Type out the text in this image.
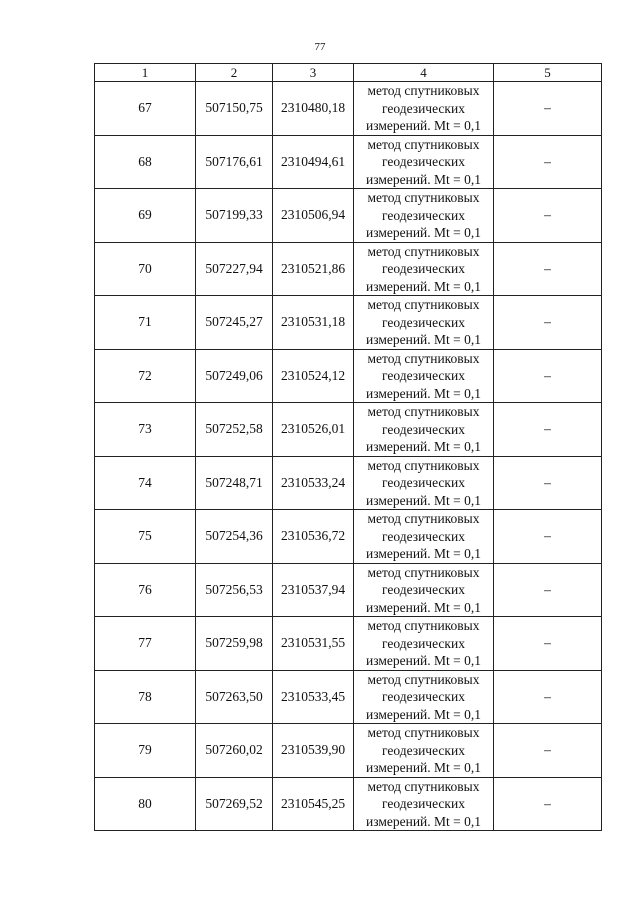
77
1	2	3	4	5
67	507150,75	2310480,18	метод спутниковых
геодезических
измерений. Mt = 0,1	–
68	507176,61	2310494,61	метод спутниковых
геодезических
измерений. Mt = 0,1	–
69	507199,33	2310506,94	метод спутниковых
геодезических
измерений. Mt = 0,1	–
70	507227,94	2310521,86	метод спутниковых
геодезических
измерений. Mt = 0,1	–
71	507245,27	2310531,18	метод спутниковых
геодезических
измерений. Mt = 0,1	–
72	507249,06	2310524,12	метод спутниковых
геодезических
измерений. Mt = 0,1	–
73	507252,58	2310526,01	метод спутниковых
геодезических
измерений. Mt = 0,1	–
74	507248,71	2310533,24	метод спутниковых
геодезических
измерений. Mt = 0,1	–
75	507254,36	2310536,72	метод спутниковых
геодезических
измерений. Mt = 0,1	–
76	507256,53	2310537,94	метод спутниковых
геодезических
измерений. Mt = 0,1	–
77	507259,98	2310531,55	метод спутниковых
геодезических
измерений. Mt = 0,1	–
78	507263,50	2310533,45	метод спутниковых
геодезических
измерений. Mt = 0,1	–
79	507260,02	2310539,90	метод спутниковых
геодезических
измерений. Mt = 0,1	–
80	507269,52	2310545,25	метод спутниковых
геодезических
измерений. Mt = 0,1	–
